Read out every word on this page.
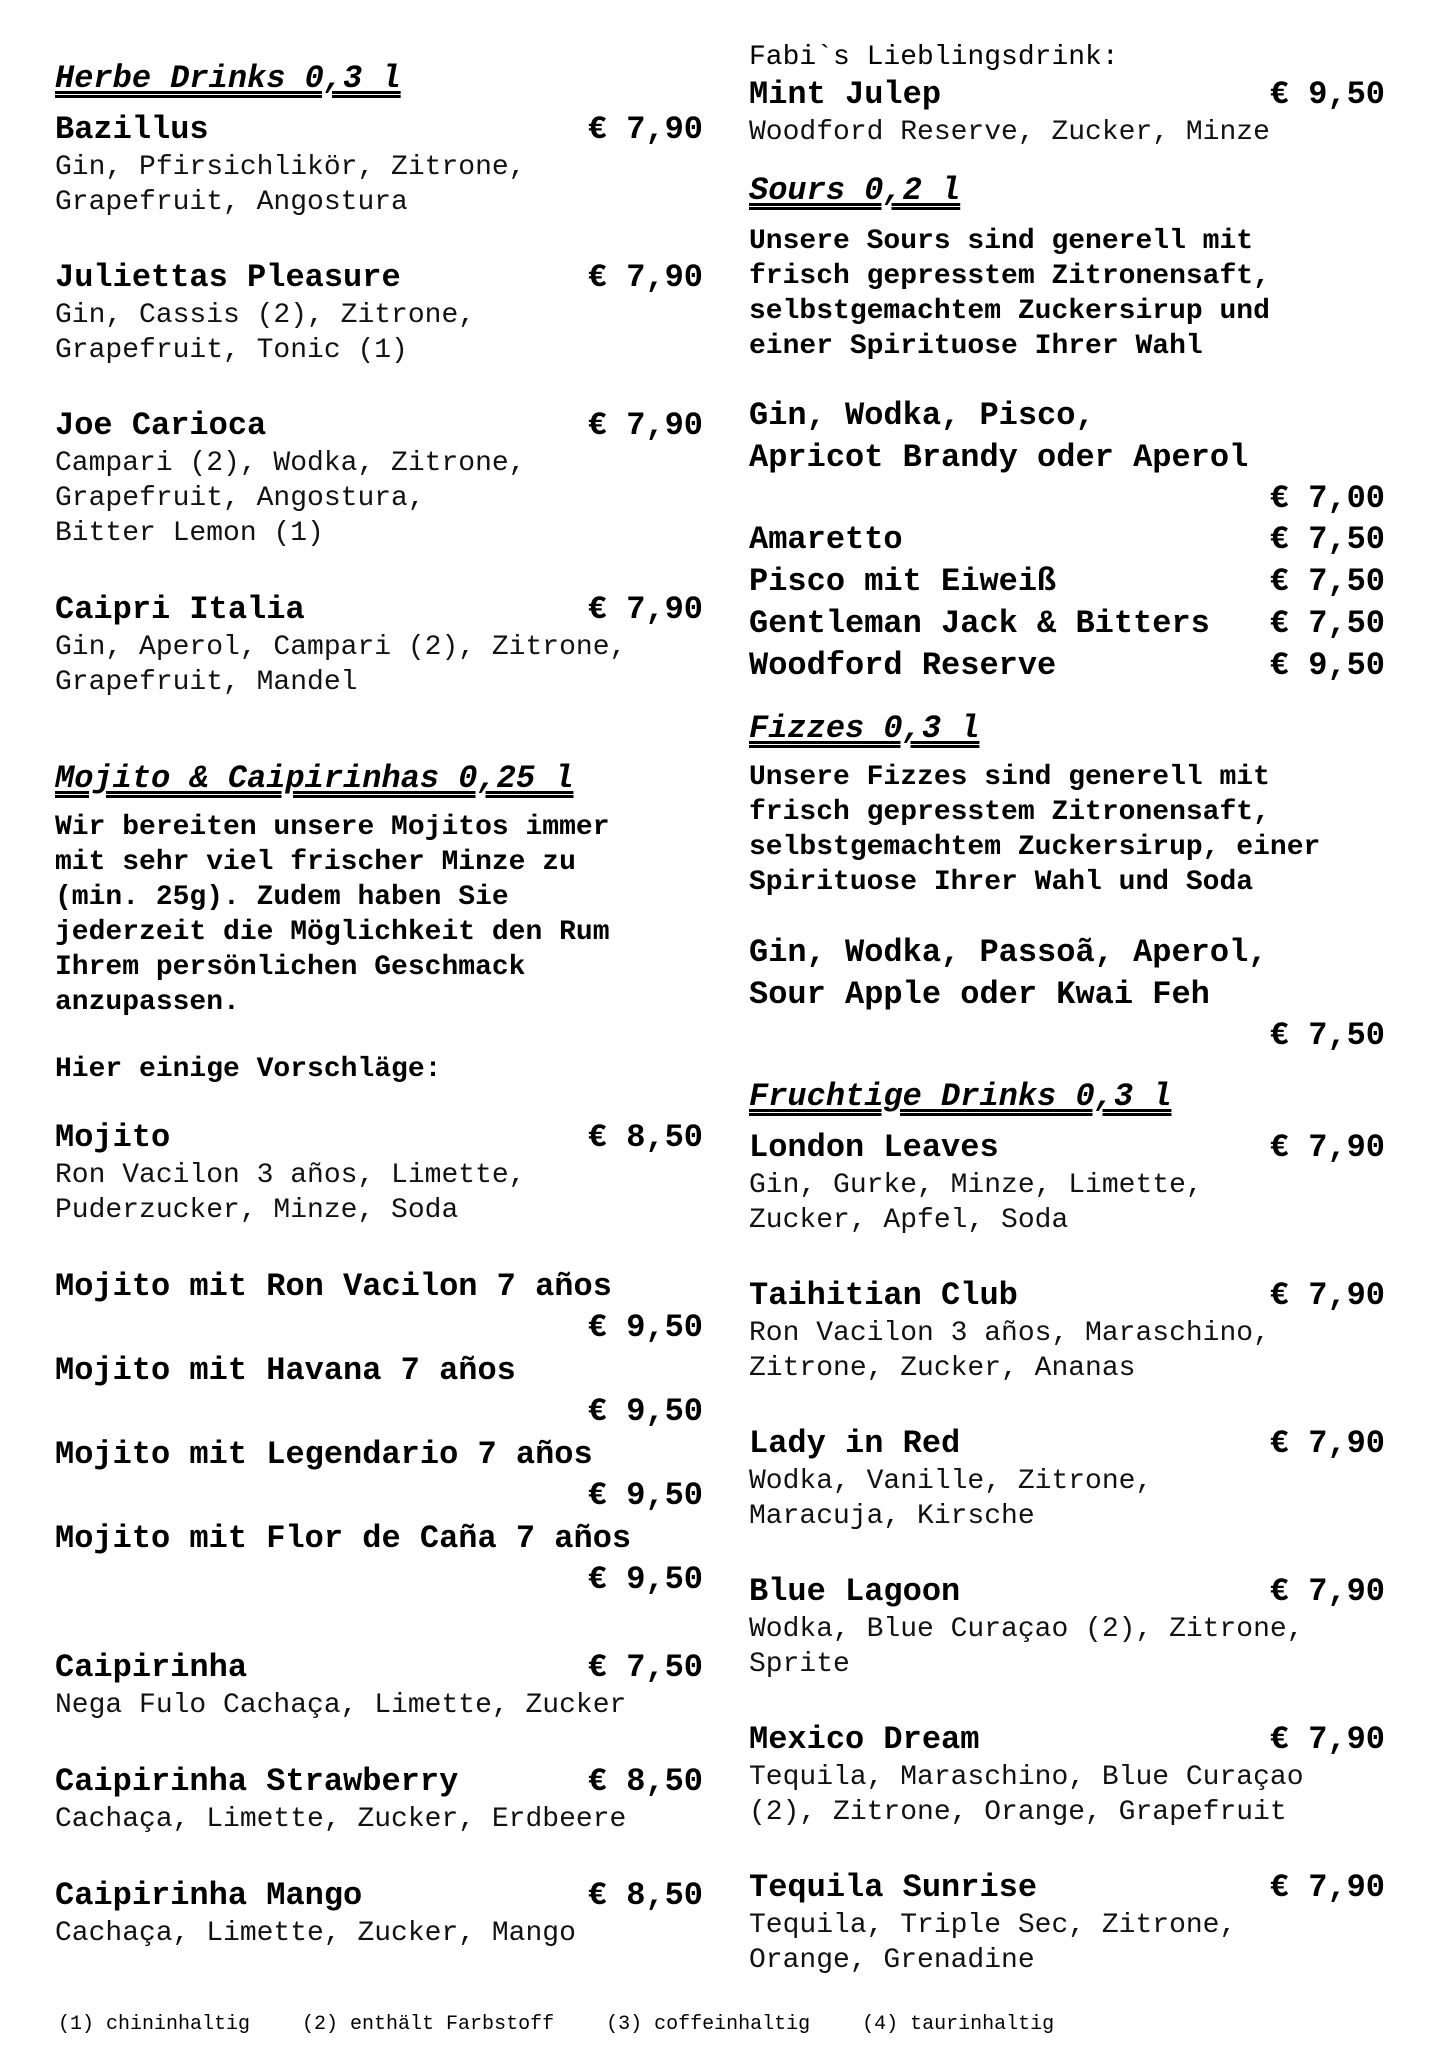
Herbe Drinks 0,3 l
Bazillus	€ 7,90
Gin, Pfirsichlikör, Zitrone,
Grapefruit, Angostura
Juliettas Pleasure	€ 7,90
Gin, Cassis (2), Zitrone,
Grapefruit, Tonic (1)
Joe Carioca	€ 7,90
Campari (2), Wodka, Zitrone,
Grapefruit, Angostura,
Bitter Lemon (1)
Caipri Italia	€ 7,90
Gin, Aperol, Campari (2), Zitrone,
Grapefruit, Mandel
Mojito & Caipirinhas 0,25 l
Wir bereiten unsere Mojitos immer
mit sehr viel frischer Minze zu
(min. 25g). Zudem haben Sie
jederzeit die Möglichkeit den Rum
Ihrem persönlichen Geschmack
anzupassen.
Hier einige Vorschläge:
Mojito	€ 8,50
Ron Vacilon 3 años, Limette,
Puderzucker, Minze, Soda
Mojito mit Ron Vacilon 7 años
€ 9,50
Mojito mit Havana 7 años
€ 9,50
Mojito mit Legendario 7 años
€ 9,50
Mojito mit Flor de Caña 7 años
€ 9,50
Caipirinha	€ 7,50
Nega Fulo Cachaça, Limette, Zucker
Caipirinha Strawberry	€ 8,50
Cachaça, Limette, Zucker, Erdbeere
Caipirinha Mango	€ 8,50
Cachaça, Limette, Zucker, Mango
Fabi`s Lieblingsdrink:
Mint Julep	€ 9,50
Woodford Reserve, Zucker, Minze
Sours 0,2 l
Unsere Sours sind generell mit
frisch gepresstem Zitronensaft,
selbstgemachtem Zuckersirup und
einer Spirituose Ihrer Wahl
Gin, Wodka, Pisco,
Apricot Brandy oder Aperol
€ 7,00
Amaretto	€ 7,50
Pisco mit Eiweiß	€ 7,50
Gentleman Jack & Bitters € 7,50
Woodford Reserve	€ 9,50
Fizzes 0,3 l
Unsere Fizzes sind generell mit
frisch gepresstem Zitronensaft,
selbstgemachtem Zuckersirup, einer
Spirituose Ihrer Wahl und Soda
Gin, Wodka, Passoã, Aperol,
Sour Apple oder Kwai Feh
€ 7,50
Fruchtige Drinks 0,3 l
London Leaves	€ 7,90
Gin, Gurke, Minze, Limette,
Zucker, Apfel, Soda
Taihitian Club	€ 7,90
Ron Vacilon 3 años, Maraschino,
Zitrone, Zucker, Ananas
Lady in Red	€ 7,90
Wodka, Vanille, Zitrone,
Maracuja, Kirsche
Blue Lagoon	€ 7,90
Wodka, Blue Curaçao (2), Zitrone,
Sprite
Mexico Dream	€ 7,90
Tequila, Maraschino, Blue Curaçao
(2), Zitrone, Orange, Grapefruit
Tequila Sunrise	€ 7,90
Tequila, Triple Sec, Zitrone,
Orange, Grenadine
(1) chininhaltig	(2) enthält Farbstoff	(3) coffeinhaltig	(4) taurinhaltig
